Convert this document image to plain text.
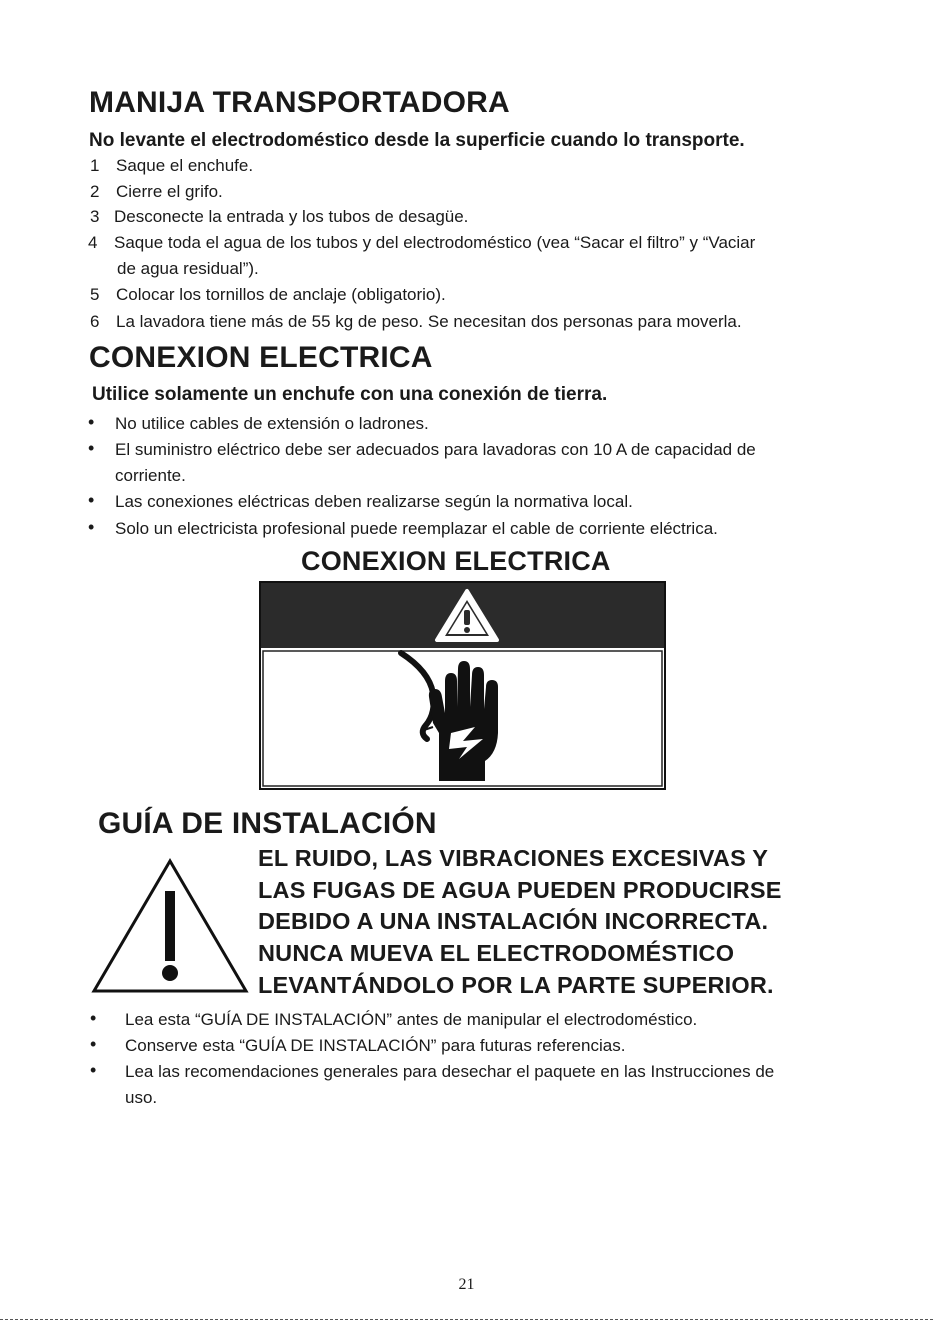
MANIJA TRANSPORTADORA
No levante el electrodoméstico desde la superficie cuando lo transporte.
1 Saque el enchufe.
2 Cierre el grifo.
3 Desconecte la entrada y los tubos de desagüe.
4 Saque toda el agua de los tubos y del electrodoméstico (vea “Sacar el filtro” y “Vaciar
de agua residual”).
5 Colocar los tornillos de anclaje (obligatorio).
6 La lavadora tiene más de 55 kg de peso. Se necesitan dos personas para moverla.
CONEXION ELECTRICA
Utilice solamente un enchufe con una conexión de tierra.
• No utilice cables de extensión o ladrones.
• El suministro eléctrico debe ser adecuados para lavadoras con 10 A de capacidad de
corriente.
• Las conexiones eléctricas deben realizarse según la normativa local.
• Solo un electricista profesional puede reemplazar el cable de corriente eléctrica.
CONEXION ELECTRICA
GUÍA DE INSTALACIÓN
EL RUIDO, LAS VIBRACIONES EXCESIVAS Y
LAS FUGAS DE AGUA PUEDEN PRODUCIRSE
DEBIDO A UNA INSTALACIÓN INCORRECTA.
NUNCA MUEVA EL ELECTRODOMÉSTICO
LEVANTÁNDOLO POR LA PARTE SUPERIOR.
• Lea esta “GUÍA DE INSTALACIÓN” antes de manipular el electrodoméstico.
• Conserve esta “GUÍA DE INSTALACIÓN” para futuras referencias.
• Lea las recomendaciones generales para desechar el paquete en las Instrucciones de
uso.
21
